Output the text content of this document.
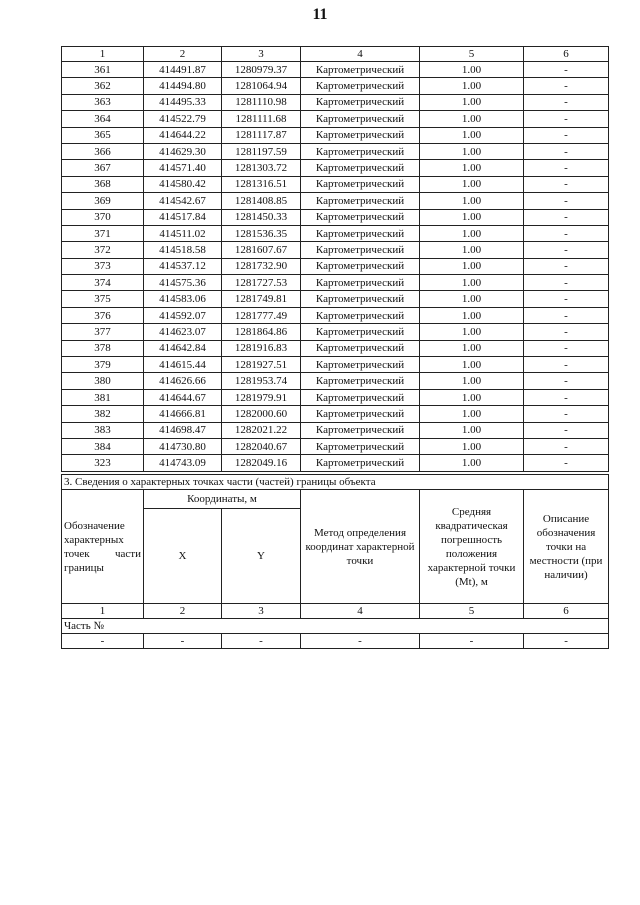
11
1	2	3	4	5	6
361	414491.87	1280979.37	Картометрический	1.00	-
362	414494.80	1281064.94	Картометрический	1.00	-
363	414495.33	1281110.98	Картометрический	1.00	-
364	414522.79	1281111.68	Картометрический	1.00	-
365	414644.22	1281117.87	Картометрический	1.00	-
366	414629.30	1281197.59	Картометрический	1.00	-
367	414571.40	1281303.72	Картометрический	1.00	-
368	414580.42	1281316.51	Картометрический	1.00	-
369	414542.67	1281408.85	Картометрический	1.00	-
370	414517.84	1281450.33	Картометрический	1.00	-
371	414511.02	1281536.35	Картометрический	1.00	-
372	414518.58	1281607.67	Картометрический	1.00	-
373	414537.12	1281732.90	Картометрический	1.00	-
374	414575.36	1281727.53	Картометрический	1.00	-
375	414583.06	1281749.81	Картометрический	1.00	-
376	414592.07	1281777.49	Картометрический	1.00	-
377	414623.07	1281864.86	Картометрический	1.00	-
378	414642.84	1281916.83	Картометрический	1.00	-
379	414615.44	1281927.51	Картометрический	1.00	-
380	414626.66	1281953.74	Картометрический	1.00	-
381	414644.67	1281979.91	Картометрический	1.00	-
382	414666.81	1282000.60	Картометрический	1.00	-
383	414698.47	1282021.22	Картометрический	1.00	-
384	414730.80	1282040.67	Картометрический	1.00	-
323	414743.09	1282049.16	Картометрический	1.00	-
3. Сведения о характерных точках части (частей) границы объекта					
Обозначение характерных точек части границы	Координаты, м		Метод определения координат характерной точки	Средняя квадратическая погрешность положения характерной точки (Mt), м	Описание обозначения точки на местности (при наличии)
	X	Y			
1	2	3	4	5	6
Часть №					
-	-	-	-	-	-
